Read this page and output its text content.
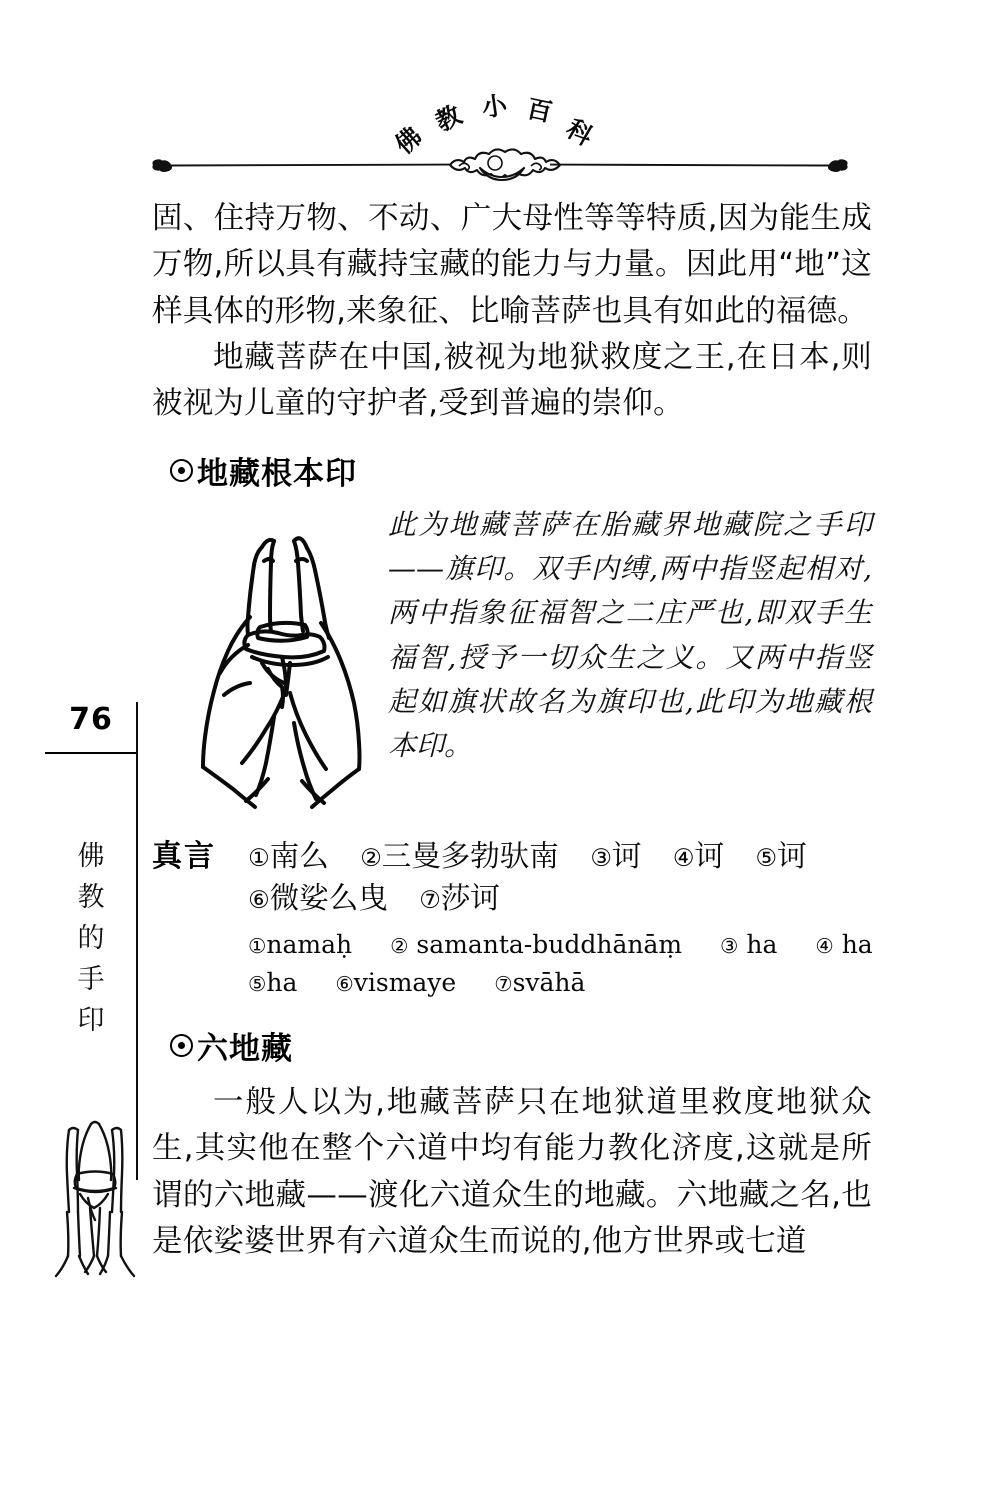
佛
教 小 百
科
76
佛
教
的
手
印

固、住持万物、不动、广大母性等等特质,因为能生成万物,所以具有藏持宝藏的能力与力量。因此用“地”这样具体的形物,来象征、比喻菩萨也具有如此的福德。

地藏菩萨在中国,被视为地狱救度之王,在日本,则被视为儿童的守护者,受到普遍的崇仰。

地藏根本印

此为地藏菩萨在胎藏界地藏院之手印——旗印。双手内缚,两中指竖起相对,两中指象征福智之二庄严也,即双手生福智,授予一切众生之义。又两中指竖起如旗状故名为旗印也,此印为地藏根本印。

真言	①南么 ②三曼多勃驮南 ③诃 ④诃 ⑤诃
⑥微娑么曳 ⑦莎诃
①namaḥ ② samanta-buddhānāṃ ③ ha ④ ha
⑤ha ⑥vismaye ⑦svāhā
六地藏

一般人以为,地藏菩萨只在地狱道里救度地狱众生,其实他在整个六道中均有能力教化济度,这就是所谓的六地藏——渡化六道众生的地藏。六地藏之名,也是依娑婆世界有六道众生而说的,他方世界或七道
